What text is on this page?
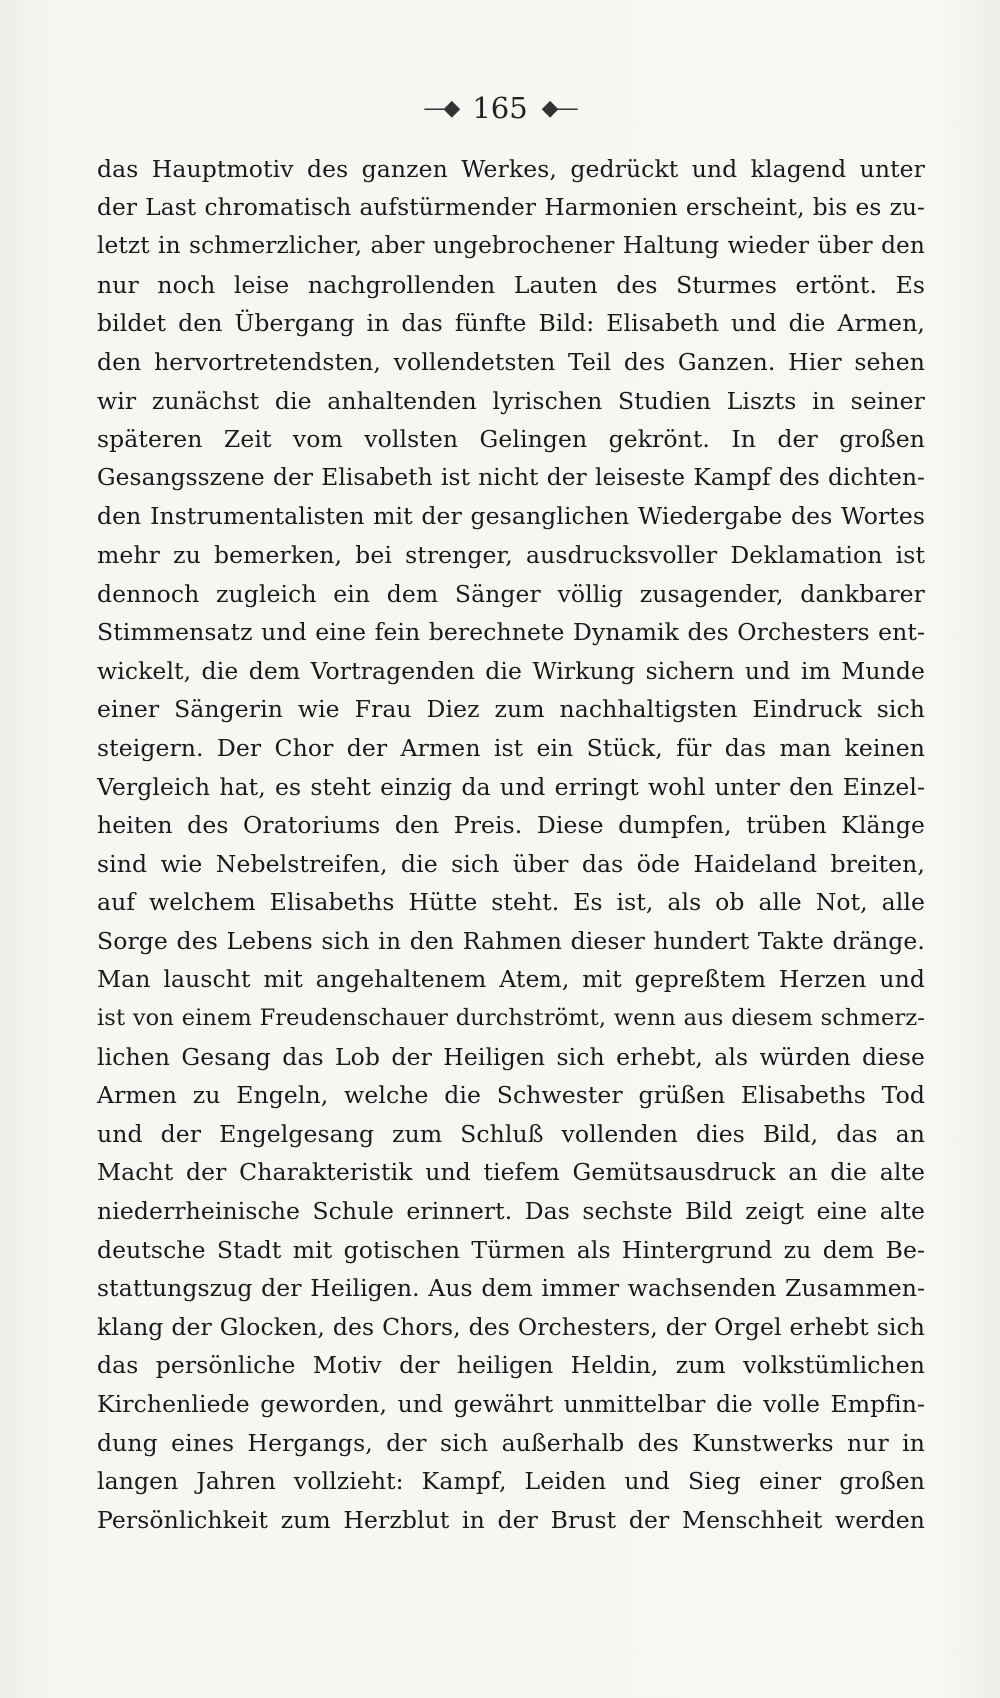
—◆ 165 ◆—
das Hauptmotiv des ganzen Werkes, gedrückt und klagend unter
der Last chromatisch aufstürmender Harmonien erscheint, bis es zu-
letzt in schmerzlicher, aber ungebrochener Haltung wieder über den
nur noch leise nachgrollenden Lauten des Sturmes ertönt. Es
bildet den Übergang in das fünfte Bild: Elisabeth und die Armen,
den hervortretendsten, vollendetsten Teil des Ganzen. Hier sehen
wir zunächst die anhaltenden lyrischen Studien Liszts in seiner
späteren Zeit vom vollsten Gelingen gekrönt. In der großen
Gesangsszene der Elisabeth ist nicht der leiseste Kampf des dichten-
den Instrumentalisten mit der gesanglichen Wiedergabe des Wortes
mehr zu bemerken, bei strenger, ausdrucksvoller Deklamation ist
dennoch zugleich ein dem Sänger völlig zusagender, dankbarer
Stimmensatz und eine fein berechnete Dynamik des Orchesters ent-
wickelt, die dem Vortragenden die Wirkung sichern und im Munde
einer Sängerin wie Frau Diez zum nachhaltigsten Eindruck sich
steigern. Der Chor der Armen ist ein Stück, für das man keinen
Vergleich hat, es steht einzig da und erringt wohl unter den Einzel-
heiten des Oratoriums den Preis. Diese dumpfen, trüben Klänge
sind wie Nebelstreifen, die sich über das öde Haideland breiten,
auf welchem Elisabeths Hütte steht. Es ist, als ob alle Not, alle
Sorge des Lebens sich in den Rahmen dieser hundert Takte dränge.
Man lauscht mit angehaltenem Atem, mit gepreßtem Herzen und
ist von einem Freudenschauer durchströmt, wenn aus diesem schmerz-
lichen Gesang das Lob der Heiligen sich erhebt, als würden diese
Armen zu Engeln, welche die Schwester grüßen Elisabeths Tod
und der Engelgesang zum Schluß vollenden dies Bild, das an
Macht der Charakteristik und tiefem Gemütsausdruck an die alte
niederrheinische Schule erinnert. Das sechste Bild zeigt eine alte
deutsche Stadt mit gotischen Türmen als Hintergrund zu dem Be-
stattungszug der Heiligen. Aus dem immer wachsenden Zusammen-
klang der Glocken, des Chors, des Orchesters, der Orgel erhebt sich
das persönliche Motiv der heiligen Heldin, zum volkstümlichen
Kirchenliede geworden, und gewährt unmittelbar die volle Empfin-
dung eines Hergangs, der sich außerhalb des Kunstwerks nur in
langen Jahren vollzieht: Kampf, Leiden und Sieg einer großen
Persönlichkeit zum Herzblut in der Brust der Menschheit werden
